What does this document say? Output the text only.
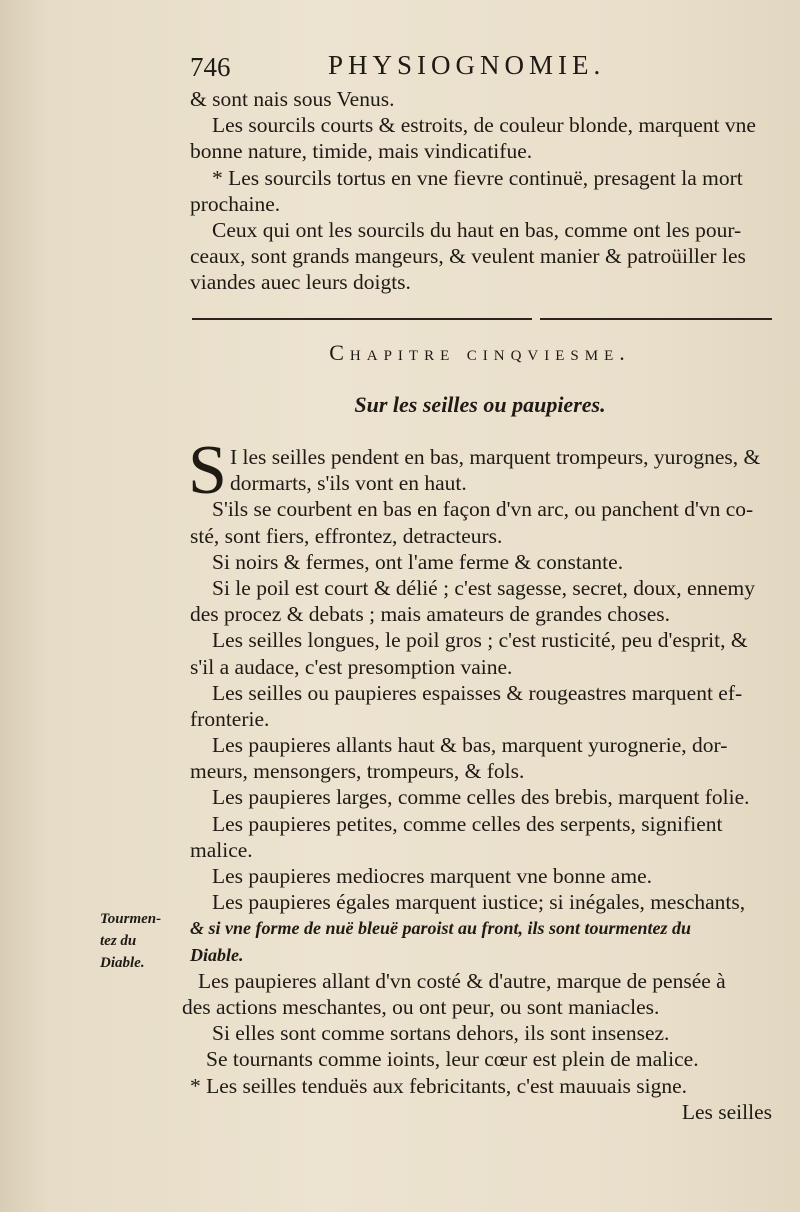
746	PHYSIOGNOMIE.
& sont nais sous Venus.
Les sourcils courts & estroits, de couleur blonde, marquent vne
bonne nature, timide, mais vindicatifue.
* Les sourcils tortus en vne fievre continuë, presagent la mort
prochaine.
Ceux qui ont les sourcils du haut en bas, comme ont les pour-
ceaux, sont grands mangeurs, & veulent manier & patroüiller les
viandes auec leurs doigts.
Chapitre cinqviesme.
Sur les seilles ou paupieres.
S I les seilles pendent en bas, marquent trompeurs, yurognes, &
dormarts, s'ils vont en haut.
S'ils se courbent en bas en façon d'vn arc, ou panchent d'vn co-
sté, sont fiers, effrontez, detracteurs.
Si noirs & fermes, ont l'ame ferme & constante.
Si le poil est court & délié ; c'est sagesse, secret, doux, ennemy
des procez & debats ; mais amateurs de grandes choses.
Les seilles longues, le poil gros ; c'est rusticité, peu d'esprit, &
s'il a audace, c'est presomption vaine.
Les seilles ou paupieres espaisses & rougeastres marquent ef-
fronterie.
Les paupieres allants haut & bas, marquent yurognerie, dor-
meurs, mensongers, trompeurs, & fols.
Les paupieres larges, comme celles des brebis, marquent folie.
Les paupieres petites, comme celles des serpents, signifient
malice.
Les paupieres mediocres marquent vne bonne ame.
Les paupieres égales marquent iustice; si inégales, meschants,
& si vne forme de nuë bleuë paroist au front, ils sont tourmentez du
Diable.
Les paupieres allant d'vn costé & d'autre, marque de pensée à
des actions meschantes, ou ont peur, ou sont maniacles.
Si elles sont comme sortans dehors, ils sont insensez.
Se tournants comme ioints, leur cœur est plein de malice.
* Les seilles tenduës aux febricitants, c'est mauuais signe.
Les seilles
Tourmen-
tez du
Diable.
